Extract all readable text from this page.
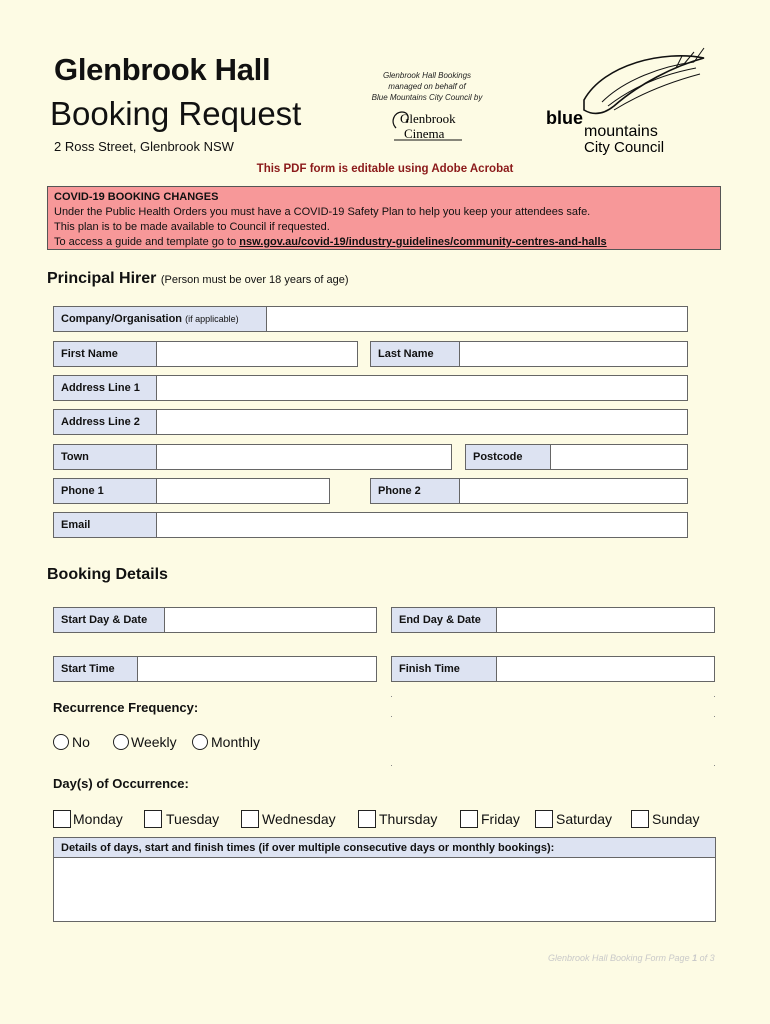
Glenbrook Hall
Booking Request
2 Ross Street, Glenbrook NSW
Glenbrook Hall Bookings
managed on behalf of
Blue Mountains City Council by
Glenbrook
Cinema
blue
mountains
City Council
This PDF form is editable using Adobe Acrobat
COVID-19 BOOKING CHANGES
Under the Public Health Orders you must have a COVID-19 Safety Plan to help you keep your attendees safe.
This plan is to be made available to Council if requested.
To access a guide and template go to nsw.gov.au/covid-19/industry-guidelines/community-centres-and-halls
Principal Hirer (Person must be over 18 years of age)
Company/Organisation (if applicable)
First Name	Last Name
Address Line 1
Address Line 2
Town	Postcode
Phone 1	Phone 2
Email
Booking Details
Start Day & Date	End Day & Date
Start Time	Finish Time
Recurrence Frequency:
No	Weekly Monthly
Day(s) of Occurrence:
Monday	Tuesday	Wednesday	Thursday	Friday	Saturday	Sunday
Details of days, start and finish times (if over multiple consecutive days or monthly bookings):
Glenbrook Hall Booking Form Page 1 of 3
